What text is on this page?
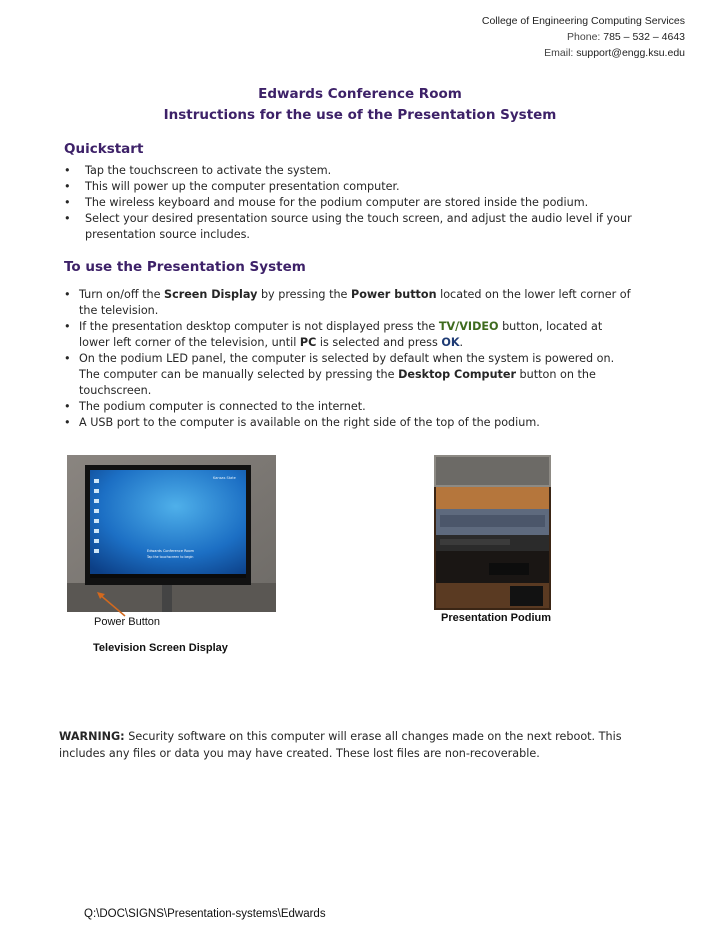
College of Engineering Computing Services
Phone: 785 – 532 – 4643
Email: support@engg.ksu.edu
Edwards Conference Room
Instructions for the use of the Presentation System
Quickstart
• Tap the touchscreen to activate the system.
• This will power up the computer presentation computer.
• The wireless keyboard and mouse for the podium computer are stored inside the podium.
• Select your desired presentation source using the touch screen, and adjust the audio level if your presentation source includes.
To use the Presentation System
• Turn on/off the Screen Display by pressing the Power button located on the lower left corner of the television.
• If the presentation desktop computer is not displayed press the TV/VIDEO button, located at lower left corner of the television, until PC is selected and press OK.
• On the podium LED panel, the computer is selected by default when the system is powered on. The computer can be manually selected by pressing the Desktop Computer button on the touchscreen.
• The podium computer is connected to the internet.
• A USB port to the computer is available on the right side of the top of the podium.
Kansas State
Edwards Conference Room
Tap the touchscreen to begin
Power Button
Television Screen Display
Presentation Podium
WARNING: Security software on this computer will erase all changes made on the next reboot. This includes any files or data you may have created. These lost files are non-recoverable.
Q:\DOC\SIGNS\Presentation-systems\Edwards
